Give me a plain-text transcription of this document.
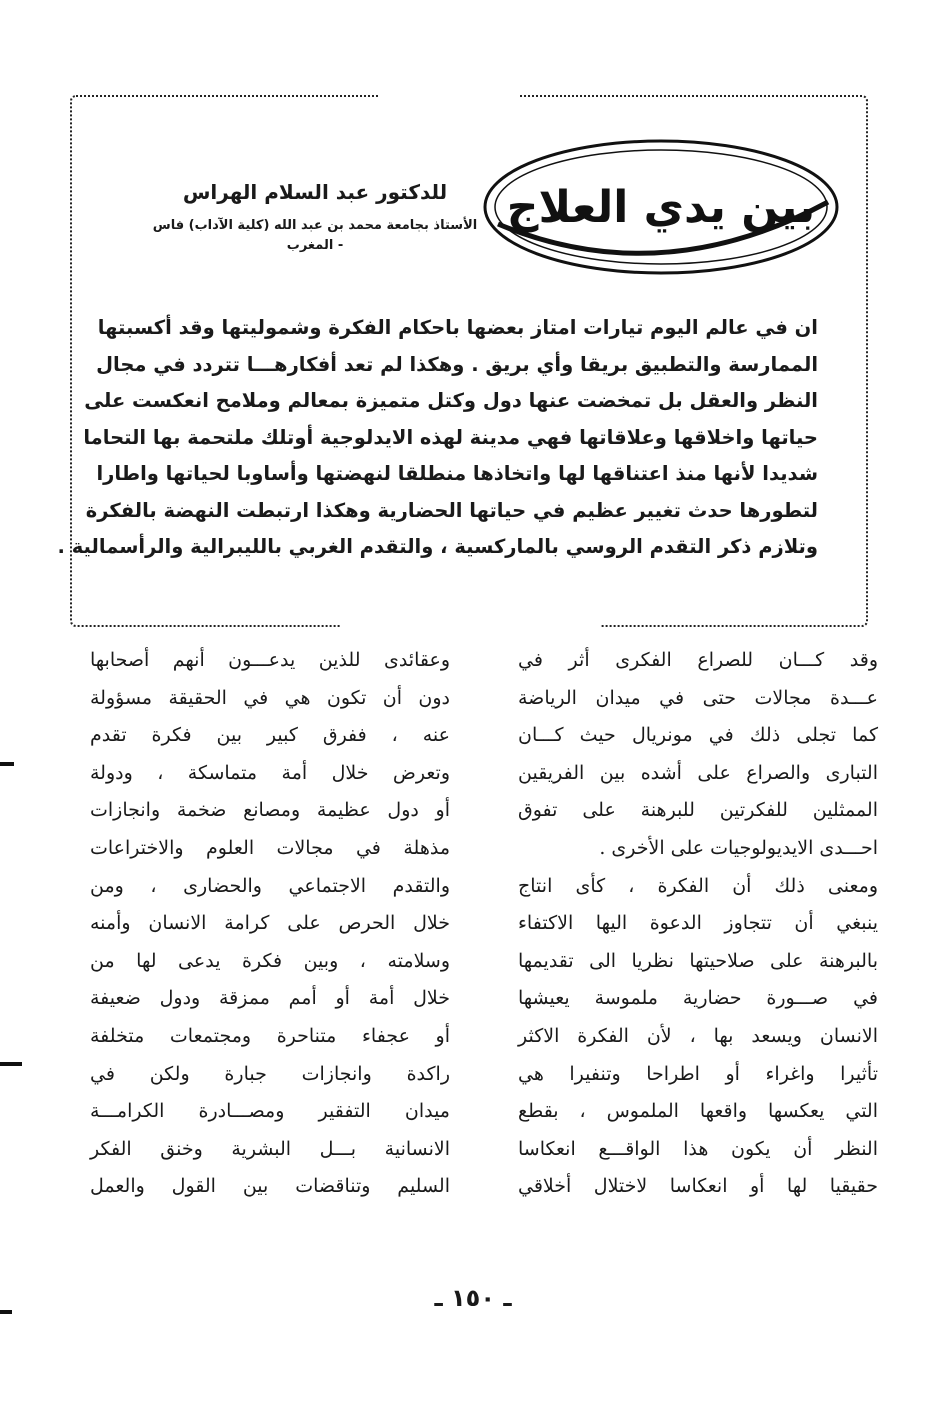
بين يدي العلاج
للدكتور عبد السلام الهراس
الأستاذ بجامعة محمد بن عبد الله (كلية الآداب) فاس - المغرب
ان في عالم اليوم تيارات امتاز بعضها باحكام الفكرة وشموليتها وقد أكسبتها
الممارسة والتطبيق بريقا وأي بريق . وهكذا لم تعد أفكارهـــا تتردد في مجال
النظر والعقل بل تمخضت عنها دول وكتل متميزة بمعالم وملامح انعكست على
حياتها واخلاقها وعلاقاتها فهي مدينة لهذه الايدلوجية أوتلك ملتحمة بها التحاما
شديدا لأنها منذ اعتناقها لها واتخاذها منطلقا لنهضتها وأساوبا لحياتها واطارا
لتطورها حدث تغيير عظيم في حياتها الحضارية وهكذا ارتبطت النهضة بالفكرة
وتلازم ذكر التقدم الروسي بالماركسية ، والتقدم الغربي بالليبرالية والرأسمالية .
وقد كـــان للصراع الفكرى أثر في
عـــدة مجالات حتى في ميدان الرياضة
كما تجلى ذلك في مونريال حيث كـــان
التبارى والصراع على أشده بين الفريقين
الممثلين للفكرتين للبرهنة على تفوق
احـــدى الايديولوجيات على الأخرى .
ومعنى ذلك أن الفكرة ، كأى انتاج
ينبغي أن تتجاوز الدعوة اليها الاكتفاء
بالبرهنة على صلاحيتها نظريا الى تقديمها
في صـــورة حضارية ملموسة يعيشها
الانسان ويسعد بها ، لأن الفكرة الاكثر
تأثيرا واغراء أو اطراحا وتنفيرا هي
التي يعكسها واقعها الملموس ، بقطع
النظر أن يكون هذا الواقـــع انعكاسا
حقيقيا لها أو انعكاسا لاختلال أخلاقي
وعقائدى للذين يدعـــون أنهم أصحابها
دون أن تكون هي في الحقيقة مسؤولة
عنه ، ففرق كبير بين فكرة تقدم
وتعرض خلال أمة متماسكة ، ودولة
أو دول عظيمة ومصانع ضخمة وانجازات
مذهلة في مجالات العلوم والاختراعات
والتقدم الاجتماعي والحضارى ، ومن
خلال الحرص على كرامة الانسان وأمنه
وسلامته ، وبين فكرة يدعى لها من
خلال أمة أو أمم ممزقة ودول ضعيفة
أو عجفاء متناحرة ومجتمعات متخلفة
راكدة وانجازات جبارة ولكن في
ميدان التفقير ومصـــادرة الكرامـــة
الانسانية بـــل البشرية وخنق الفكر
السليم وتناقضات بين القول والعمل
ـ ١٥٠ ـ
